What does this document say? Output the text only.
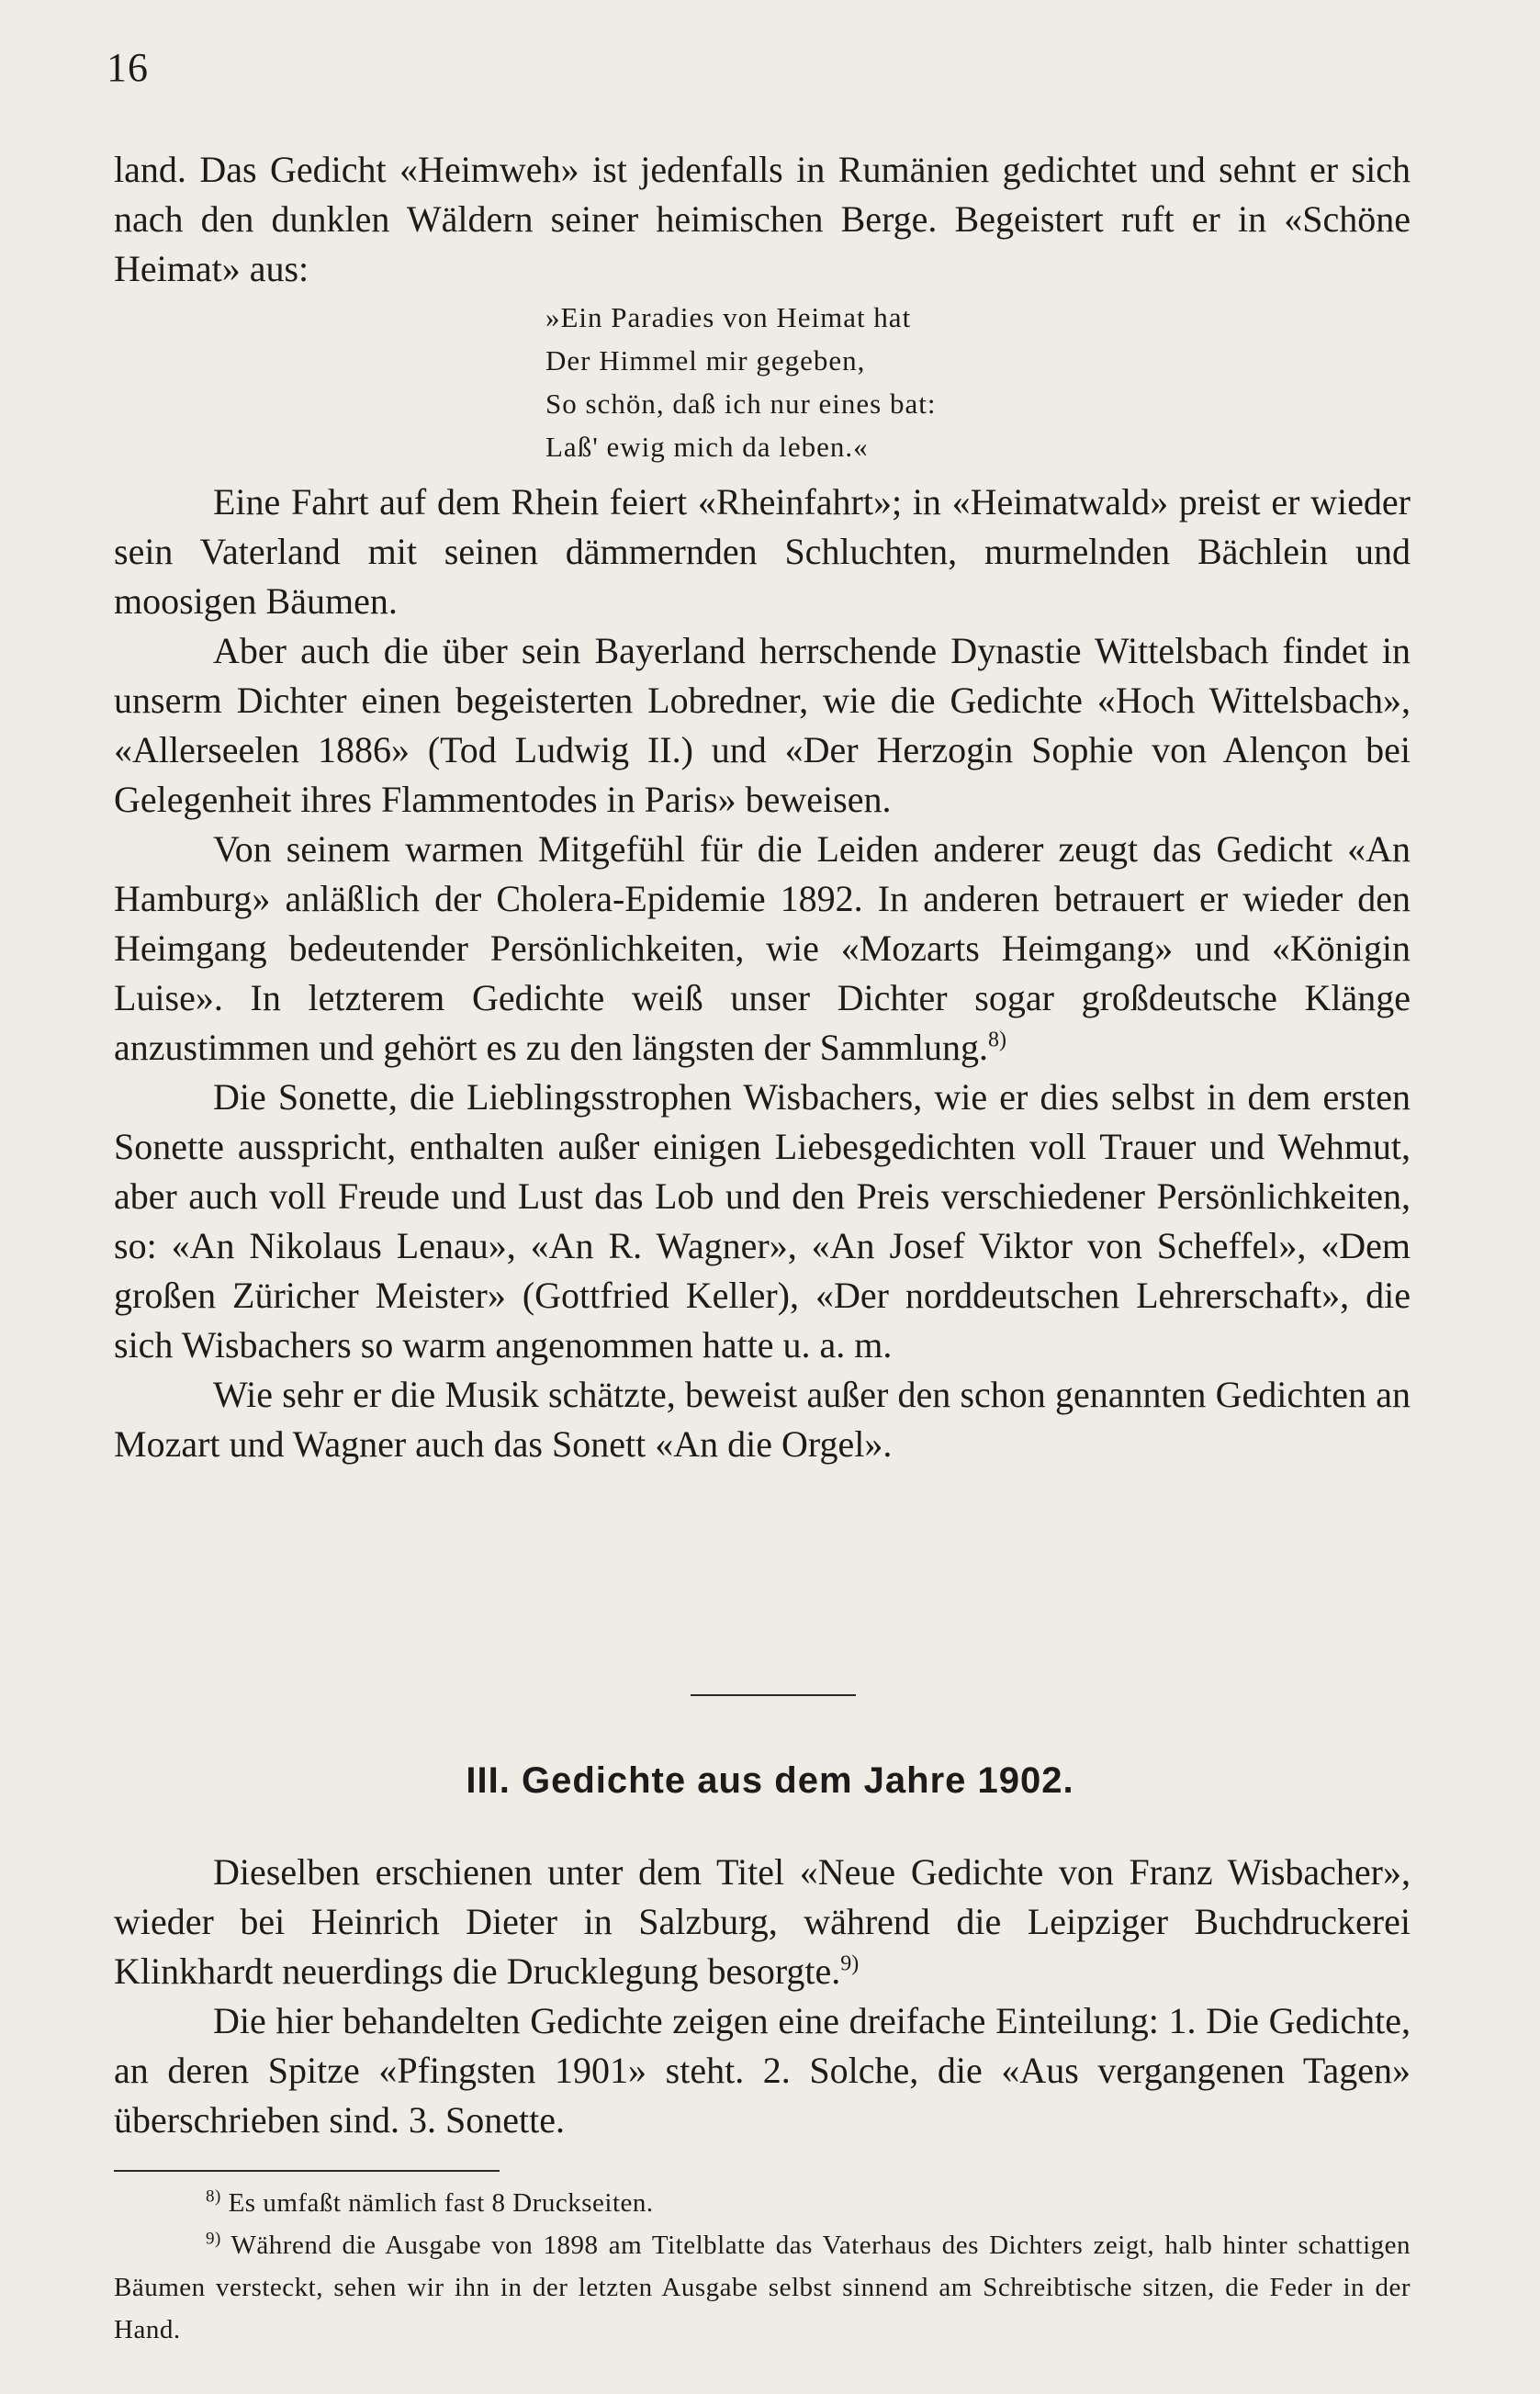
16

land. Das Gedicht «Heimweh» ist jedenfalls in Rumänien gedichtet und sehnt er sich nach den dunklen Wäldern seiner heimischen Berge. Begeistert ruft er in «Schöne Heimat» aus:

»Ein Paradies von Heimat hat
Der Himmel mir gegeben,
So schön, daß ich nur eines bat:
Laß' ewig mich da leben.«

Eine Fahrt auf dem Rhein feiert «Rheinfahrt»; in «Heimatwald» preist er wieder sein Vaterland mit seinen dämmernden Schluchten, murmelnden Bächlein und moosigen Bäumen.

Aber auch die über sein Bayerland herrschende Dynastie Wittelsbach findet in unserm Dichter einen begeisterten Lobredner, wie die Gedichte «Hoch Wittelsbach», «Allerseelen 1886» (Tod Ludwig II.) und «Der Herzogin Sophie von Alençon bei Gelegenheit ihres Flammentodes in Paris» beweisen.

Von seinem warmen Mitgefühl für die Leiden anderer zeugt das Gedicht «An Hamburg» anläßlich der Cholera-Epidemie 1892. In anderen betrauert er wieder den Heimgang bedeutender Persönlichkeiten, wie «Mozarts Heimgang» und «Königin Luise». In letzterem Gedichte weiß unser Dichter sogar großdeutsche Klänge anzustimmen und gehört es zu den längsten der Sammlung.$^{8)}$

Die Sonette, die Lieblingsstrophen Wisbachers, wie er dies selbst in dem ersten Sonette ausspricht, enthalten außer einigen Liebesgedichten voll Trauer und Wehmut, aber auch voll Freude und Lust das Lob und den Preis verschiedener Persönlichkeiten, so: «An Nikolaus Lenau», «An R. Wagner», «An Josef Viktor von Scheffel», «Dem großen Züricher Meister» (Gottfried Keller), «Der norddeutschen Lehrerschaft», die sich Wisbachers so warm angenommen hatte u. a. m.

Wie sehr er die Musik schätzte, beweist außer den schon genannten Gedichten an Mozart und Wagner auch das Sonett «An die Orgel».

III. Gedichte aus dem Jahre 1902.

Dieselben erschienen unter dem Titel «Neue Gedichte von Franz Wisbacher», wieder bei Heinrich Dieter in Salzburg, während die Leipziger Buchdruckerei Klinkhardt neuerdings die Drucklegung besorgte.$^{9)}$

Die hier behandelten Gedichte zeigen eine dreifache Einteilung: 1. Die Gedichte, an deren Spitze «Pfingsten 1901» steht. 2. Solche, die «Aus vergangenen Tagen» überschrieben sind. 3. Sonette.

$^{8)}$ Es umfaßt nämlich fast 8 Druckseiten.

$^{9)}$ Während die Ausgabe von 1898 am Titelblatte das Vaterhaus des Dichters zeigt, halb hinter schattigen Bäumen versteckt, sehen wir ihn in der letzten Ausgabe selbst sinnend am Schreibtische sitzen, die Feder in der Hand.
